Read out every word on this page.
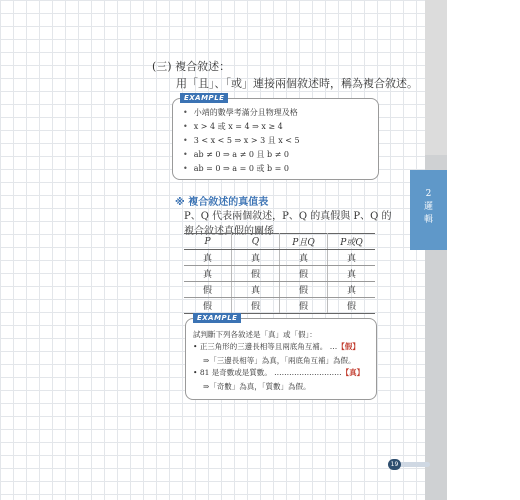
2
邏
輯
(三) 複合敘述：
用「且」、「或」連接兩個敘述時，稱為複合敘述。
EXAMPLE
• 小靖的數學考滿分且物理及格
• x > 4 或 x = 4 ⇒ x ≥ 4
• 3 < x < 5 ⇒ x > 3 且 x < 5
• ab ≠ 0 ⇒ a ≠ 0 且 b ≠ 0
• ab = 0 ⇒ a = 0 或 b = 0
※ 複合敘述的真值表
P、Q 代表兩個敘述，P、Q 的真假與 P、Q 的複合敘述真假的關係
P	Q	P且Q	P或Q
真	真	真	真
真	假	假	真
假	真	假	真
假	假	假	假
EXAMPLE
試判斷下列各敘述是「真」或「假」：
• 正三角形的三邊長相等且兩底角互補。 …【假】
⇒「三邊長相等」為真，「兩底角互補」為假。
• 81 是奇數或是質數。 ………………………【真】
⇒「奇數」為真，「質數」為假。
19
